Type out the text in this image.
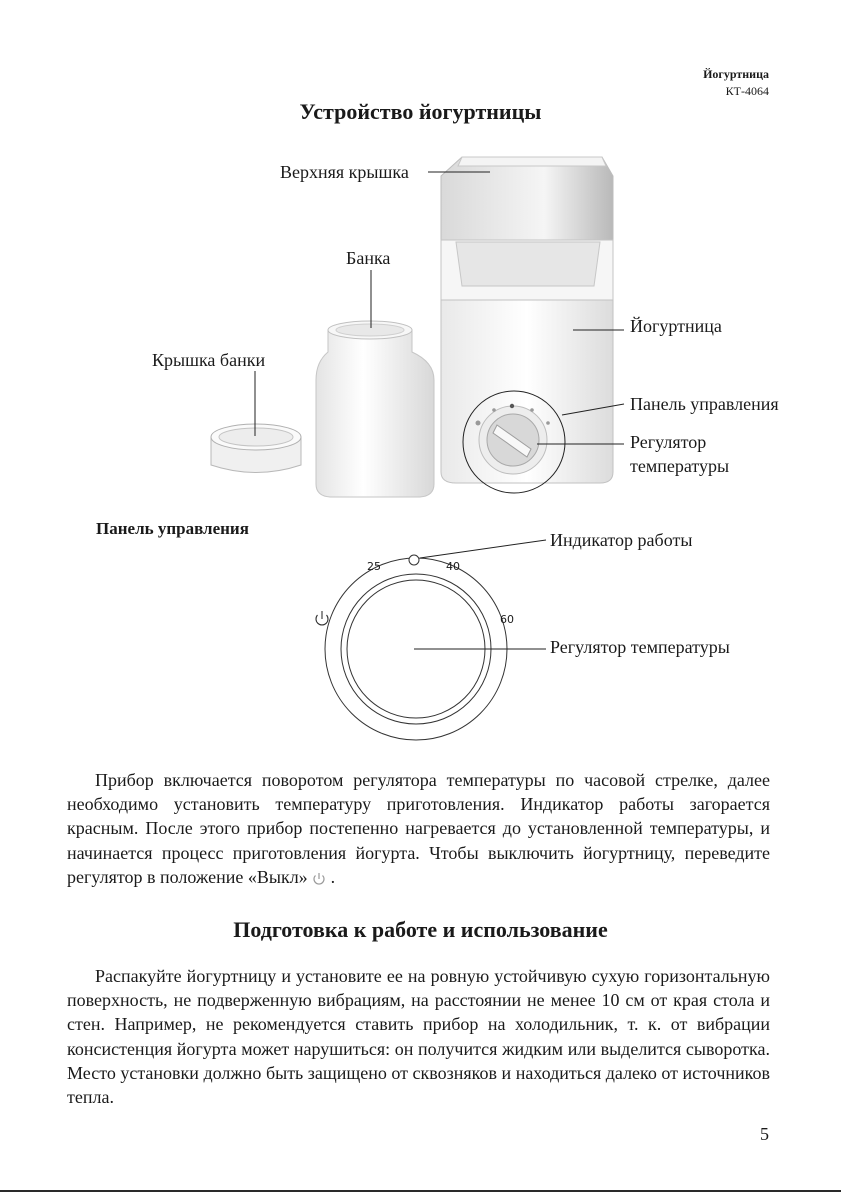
Йогуртница
КТ-4064
Устройство йогуртницы
Верхняя крышка
Банка
Крышка банки
Йогуртница
Панель управления
Регулятор
температуры
Панель управления
25	40
60
Индикатор работы
Регулятор температуры

Прибор включается поворотом регулятора температуры по часовой стрелке, далее необходимо установить температуру приготовления. Индикатор работы загорается красным. После этого прибор постепенно нагревается до установленной температуры, и начинается процесс приготовления йогурта. Чтобы выключить йогуртницу, переведите регулятор в положение «Выкл» .

Подготовка к работе и использование

Распакуйте йогуртницу и установите ее на ровную устойчивую сухую горизонтальную поверхность, не подверженную вибрациям, на расстоянии не менее 10 см от края стола и стен. Например, не рекомендуется ставить прибор на холодильник, т. к. от вибрации консистенция йогурта может нарушиться: он получится жидким или выделится сыворотка. Место установки должно быть защищено от сквозняков и находиться далеко от источников тепла.

5
